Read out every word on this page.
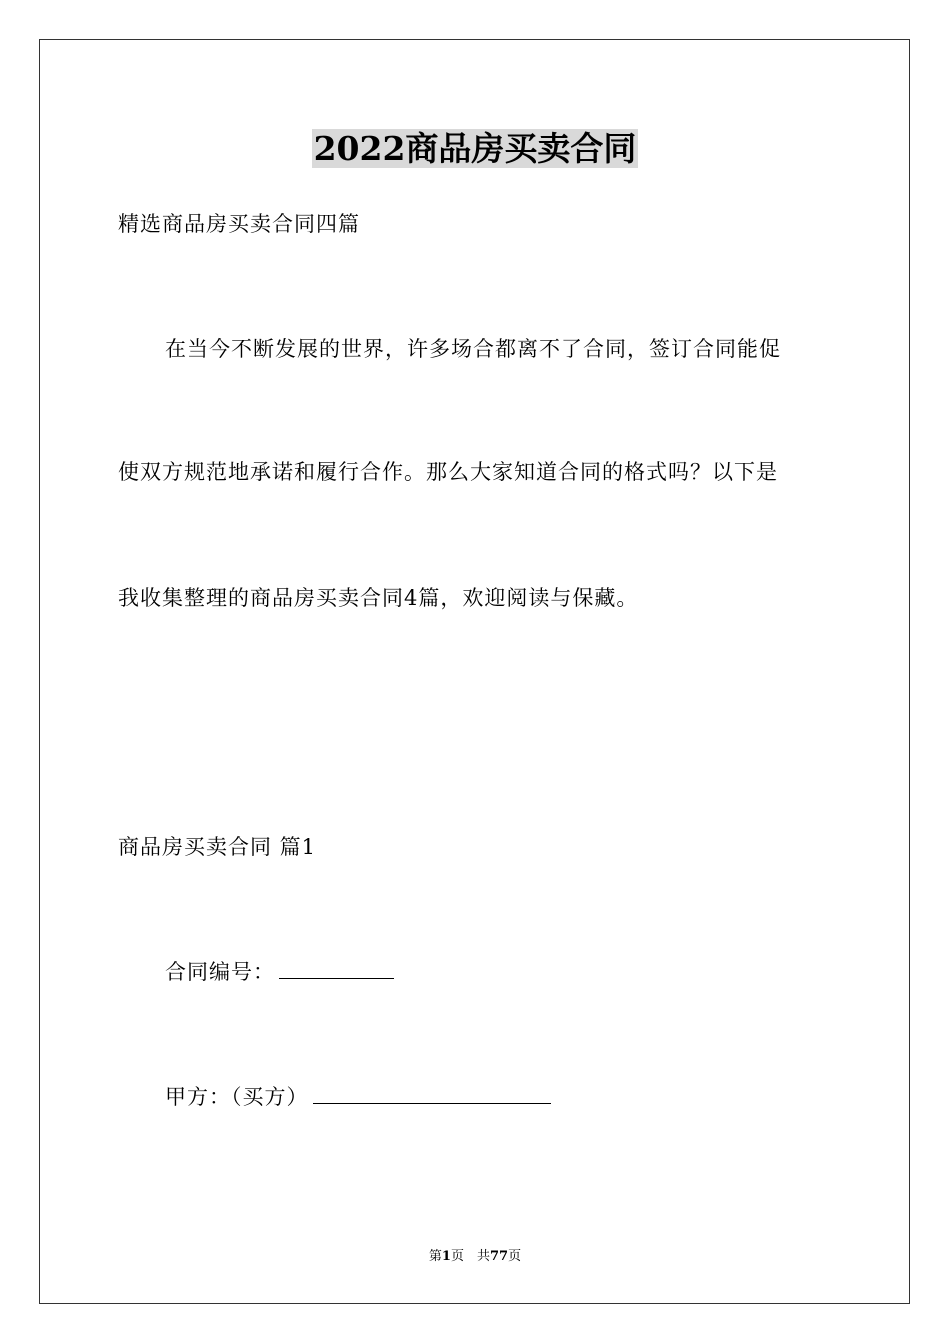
2022商品房买卖合同
精选商品房买卖合同四篇
在当今不断发展的世界，许多场合都离不了合同，签订合同能促
使双方规范地承诺和履行合作。那么大家知道合同的格式吗？以下是
我收集整理的商品房买卖合同4篇，欢迎阅读与保藏。
商品房买卖合同 篇1
合同编号：
甲方：（买方）
第1页　共77页
